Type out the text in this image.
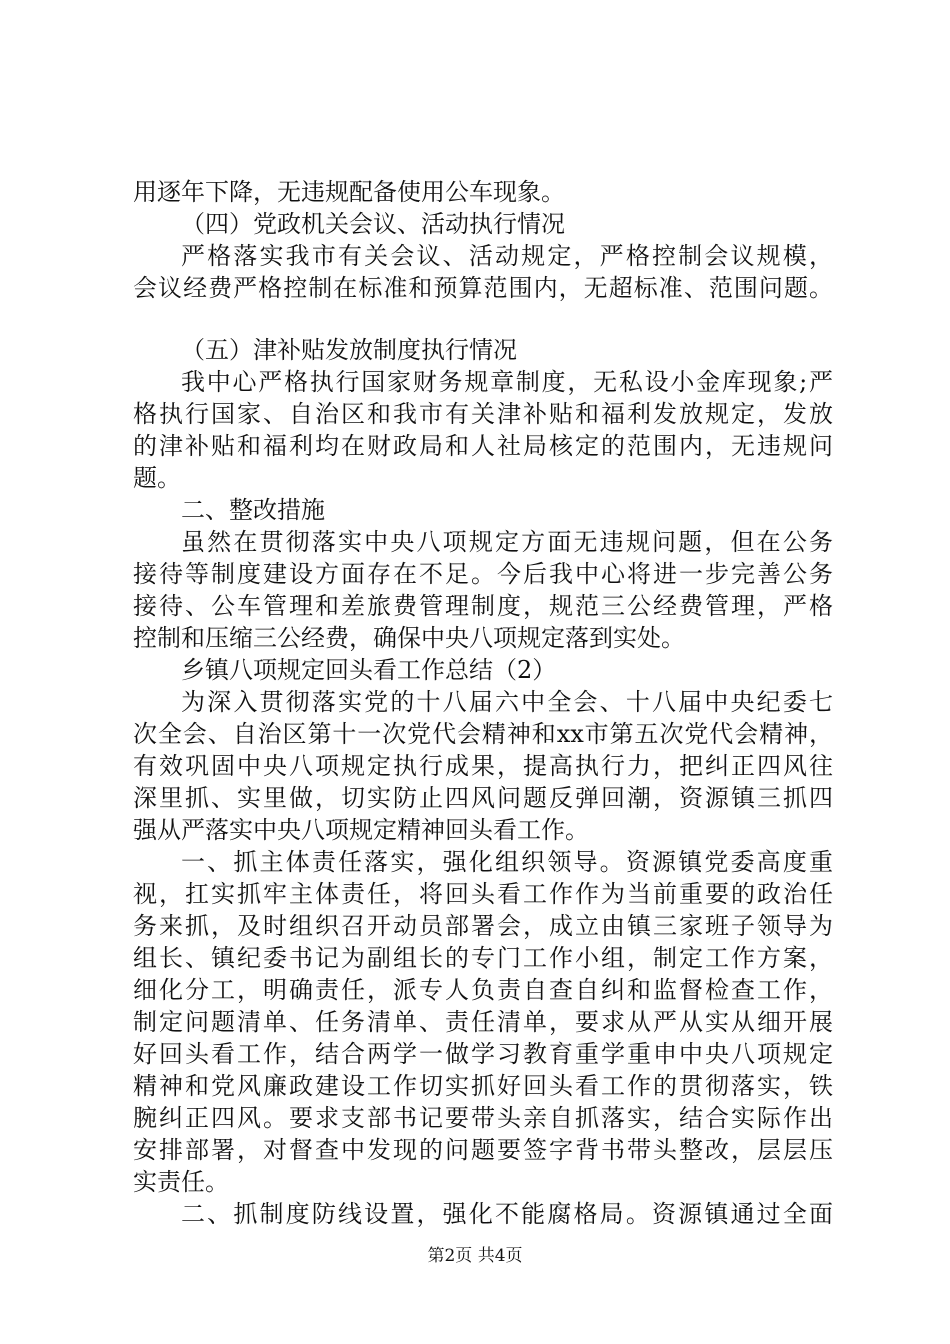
用逐年下降，无违规配备使用公车现象。
（四）党政机关会议、活动执行情况
严格落实我市有关会议、活动规定，严格控制会议规模，
会议经费严格控制在标准和预算范围内，无超标准、范围问题。
（五）津补贴发放制度执行情况
我中心严格执行国家财务规章制度，无私设小金库现象;严
格执行国家、自治区和我市有关津补贴和福利发放规定，发放
的津补贴和福利均在财政局和人社局核定的范围内，无违规问
题。
二、整改措施
虽然在贯彻落实中央八项规定方面无违规问题，但在公务
接待等制度建设方面存在不足。今后我中心将进一步完善公务
接待、公车管理和差旅费管理制度，规范三公经费管理，严格
控制和压缩三公经费，确保中央八项规定落到实处。
乡镇八项规定回头看工作总结（2）
为深入贯彻落实党的十八届六中全会、十八届中央纪委七
次全会、自治区第十一次党代会精神和xx市第五次党代会精神，
有效巩固中央八项规定执行成果，提高执行力，把纠正四风往
深里抓、实里做，切实防止四风问题反弹回潮，资源镇三抓四
强从严落实中央八项规定精神回头看工作。
一、抓主体责任落实，强化组织领导。资源镇党委高度重
视，扛实抓牢主体责任，将回头看工作作为当前重要的政治任
务来抓，及时组织召开动员部署会，成立由镇三家班子领导为
组长、镇纪委书记为副组长的专门工作小组，制定工作方案，
细化分工，明确责任，派专人负责自查自纠和监督检查工作，
制定问题清单、任务清单、责任清单，要求从严从实从细开展
好回头看工作，结合两学一做学习教育重学重申中央八项规定
精神和党风廉政建设工作切实抓好回头看工作的贯彻落实，铁
腕纠正四风。要求支部书记要带头亲自抓落实，结合实际作出
安排部署，对督查中发现的问题要签字背书带头整改，层层压
实责任。
二、抓制度防线设置，强化不能腐格局。资源镇通过全面
第2页 共4页
